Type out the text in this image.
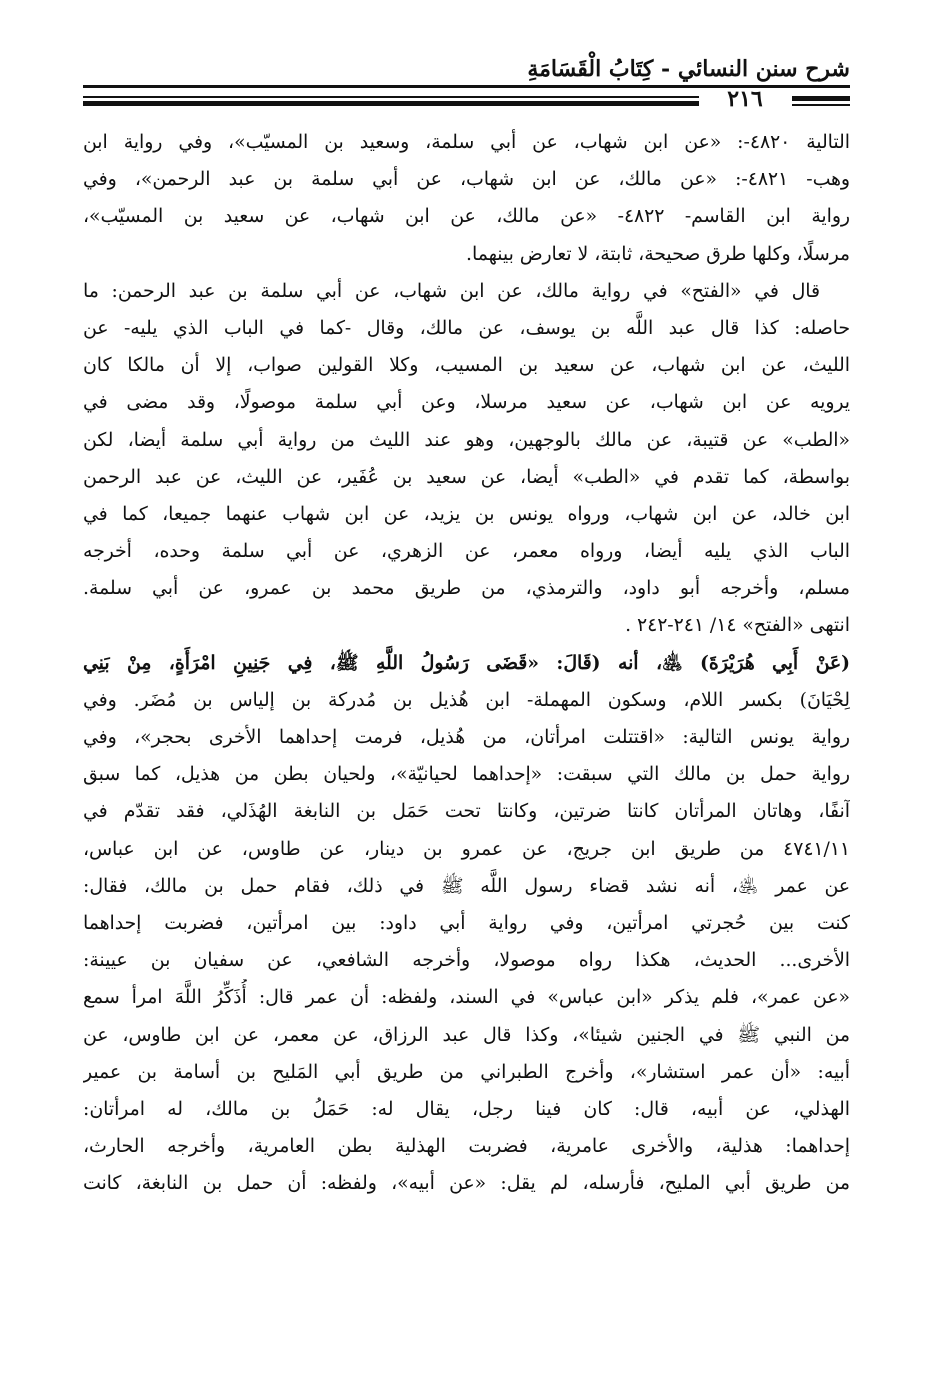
شرح سنن النسائي - كِتَابُ الْقَسَامَةِ
٢١٦
التالية ٤٨٢٠-: «عن ابن شهاب، عن أبي سلمة، وسعيد بن المسيّب»، وفي رواية ابن
وهب- ٤٨٢١-: «عن مالك، عن ابن شهاب، عن أبي سلمة بن عبد الرحمن»، وفي
رواية ابن القاسم- ٤٨٢٢- «عن مالك، عن ابن شهاب، عن سعيد بن المسيّب»،
مرسلًا، وكلها طرق صحيحة، ثابتة، لا تعارض بينهما.
قال في «الفتح» في رواية مالك، عن ابن شهاب، عن أبي سلمة بن عبد الرحمن: ما
حاصله: كذا قال عبد اللَّه بن يوسف، عن مالك، وقال -كما في الباب الذي يليه- عن
الليث، عن ابن شهاب، عن سعيد بن المسيب، وكلا القولين صواب، إلا أن مالكا كان
يرويه عن ابن شهاب، عن سعيد مرسلا، وعن أبي سلمة موصولًا، وقد مضى في
«الطب» عن قتيبة، عن مالك بالوجهين، وهو عند الليث من رواية أبي سلمة أيضا، لكن
بواسطة، كما تقدم في «الطب» أيضا، عن سعيد بن عُفَير، عن الليث، عن عبد الرحمن
ابن خالد، عن ابن شهاب، ورواه يونس بن يزيد، عن ابن شهاب عنهما جميعا، كما في
الباب الذي يليه أيضا، ورواه معمر، عن الزهري، عن أبي سلمة وحده، أخرجه
مسلم، وأخرجه أبو داود، والترمذي، من طريق محمد بن عمرو، عن أبي سلمة.
انتهى «الفتح» ١٤/ ٢٤١-٢٤٢ .
(عَنْ أَبِي هُرَيْرَةَ) ﵁، أنه (قَالَ: «قَضَى رَسُولُ اللَّهِ ﷺ، فِي جَنِينِ امْرَأَةٍ، مِنْ بَنِي
لِحْيَانَ) بكسر اللام، وسكون المهملة- ابن هُذيل بن مُدركة بن إلياس بن مُضَر. وفي
رواية يونس التالية: «اقتتلت امرأتان، من هُذيل، فرمت إحداهما الأخرى بحجر»، وفي
رواية حمل بن مالك التي سبقت: «إحداهما لحيانيّة»، ولحيان بطن من هذيل، كما سبق
آنفًا، وهاتان المرأتان كانتا ضرتين، وكانتا تحت حَمَل بن النابغة الهُذَلي، فقد تقدّم في
٤٧٤١/١١ من طريق ابن جريج، عن عمرو بن دينار، عن طاوس، عن ابن عباس،
عن عمر ﵁، أنه نشد قضاء رسول اللَّه ﷺ في ذلك، فقام حمل بن مالك، فقال:
كنت بين حُجرتي امرأتين، وفي رواية أبي داود: بين امرأتين، فضربت إحداهما
الأخرى... الحديث، هكذا رواه موصولا، وأخرجه الشافعي، عن سفيان بن عيينة:
«عن عمر»، فلم يذكر «ابن عباس» في السند، ولفظه: أن عمر قال: أُذَكِّرُ اللَّهَ امرأ سمع
من النبي ﷺ في الجنين شيئا»، وكذا قال عبد الرزاق، عن معمر، عن ابن طاوس، عن
أبيه: «أن عمر استشار»، وأخرج الطبراني من طريق أبي المَليح بن أسامة بن عمير
الهذلي، عن أبيه، قال: كان فينا رجل، يقال له: حَمَلُ بن مالك، له امرأتان:
إحداهما: هذلية، والأخرى عامرية، فضربت الهذلية بطن العامرية، وأخرجه الحارث،
من طريق أبي المليح، فأرسله، لم يقل: «عن أبيه»، ولفظه: أن حمل بن النابغة، كانت
